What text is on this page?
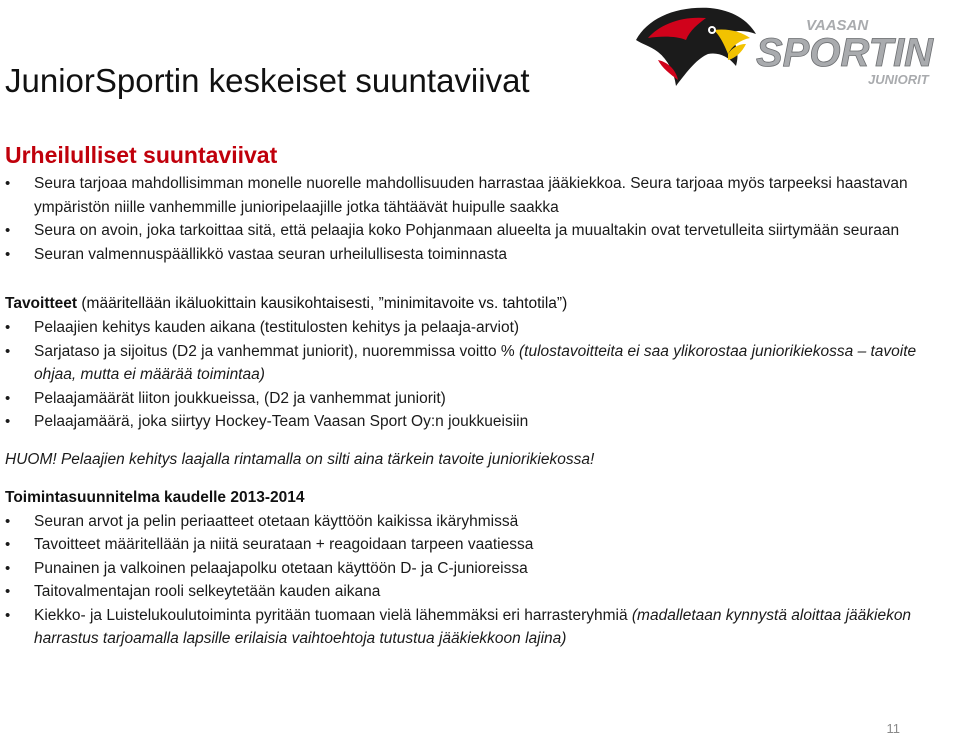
JuniorSportin keskeiset suuntaviivat
VAASAN
SPORTIN
JUNIORIT
Urheilulliset suuntaviivat
• Seura tarjoaa mahdollisimman monelle nuorelle mahdollisuuden harrastaa jääkiekkoa. Seura tarjoaa myös tarpeeksi haastavan ympäristön niille vanhemmille junioripelaajille jotka tähtäävät huipulle saakka
• Seura on avoin, joka tarkoittaa sitä, että pelaajia koko Pohjanmaan alueelta ja muualtakin ovat tervetulleita siirtymään seuraan
• Seuran valmennuspäällikkö vastaa seuran urheilullisesta toiminnasta

Tavoitteet (määritellään ikäluokittain kausikohtaisesti, ”minimitavoite vs. tahtotila”)

• Pelaajien kehitys kauden aikana (testitulosten kehitys ja pelaaja-arviot)
• Sarjataso ja sijoitus (D2 ja vanhemmat juniorit), nuoremmissa voitto % (tulostavoitteita ei saa ylikorostaa juniorikiekossa – tavoite ohjaa, mutta ei määrää toimintaa)
• Pelaajamäärät liiton joukkueissa, (D2 ja vanhemmat juniorit)
• Pelaajamäärä, joka siirtyy Hockey-Team Vaasan Sport Oy:n joukkueisiin

HUOM! Pelaajien kehitys laajalla rintamalla on silti aina tärkein tavoite juniorikiekossa!

Toimintasuunnitelma kaudelle 2013-2014

• Seuran arvot ja pelin periaatteet otetaan käyttöön kaikissa ikäryhmissä
• Tavoitteet määritellään ja niitä seurataan + reagoidaan tarpeen vaatiessa
• Punainen ja valkoinen pelaajapolku otetaan käyttöön D- ja C-junioreissa
• Taitovalmentajan rooli selkeytetään kauden aikana
• Kiekko- ja Luistelukoulutoiminta pyritään tuomaan vielä lähemmäksi eri harrasteryhmiä (madalletaan kynnystä aloittaa jääkiekon harrastus tarjoamalla lapsille erilaisia vaihtoehtoja tutustua jääkiekkoon lajina)
11
